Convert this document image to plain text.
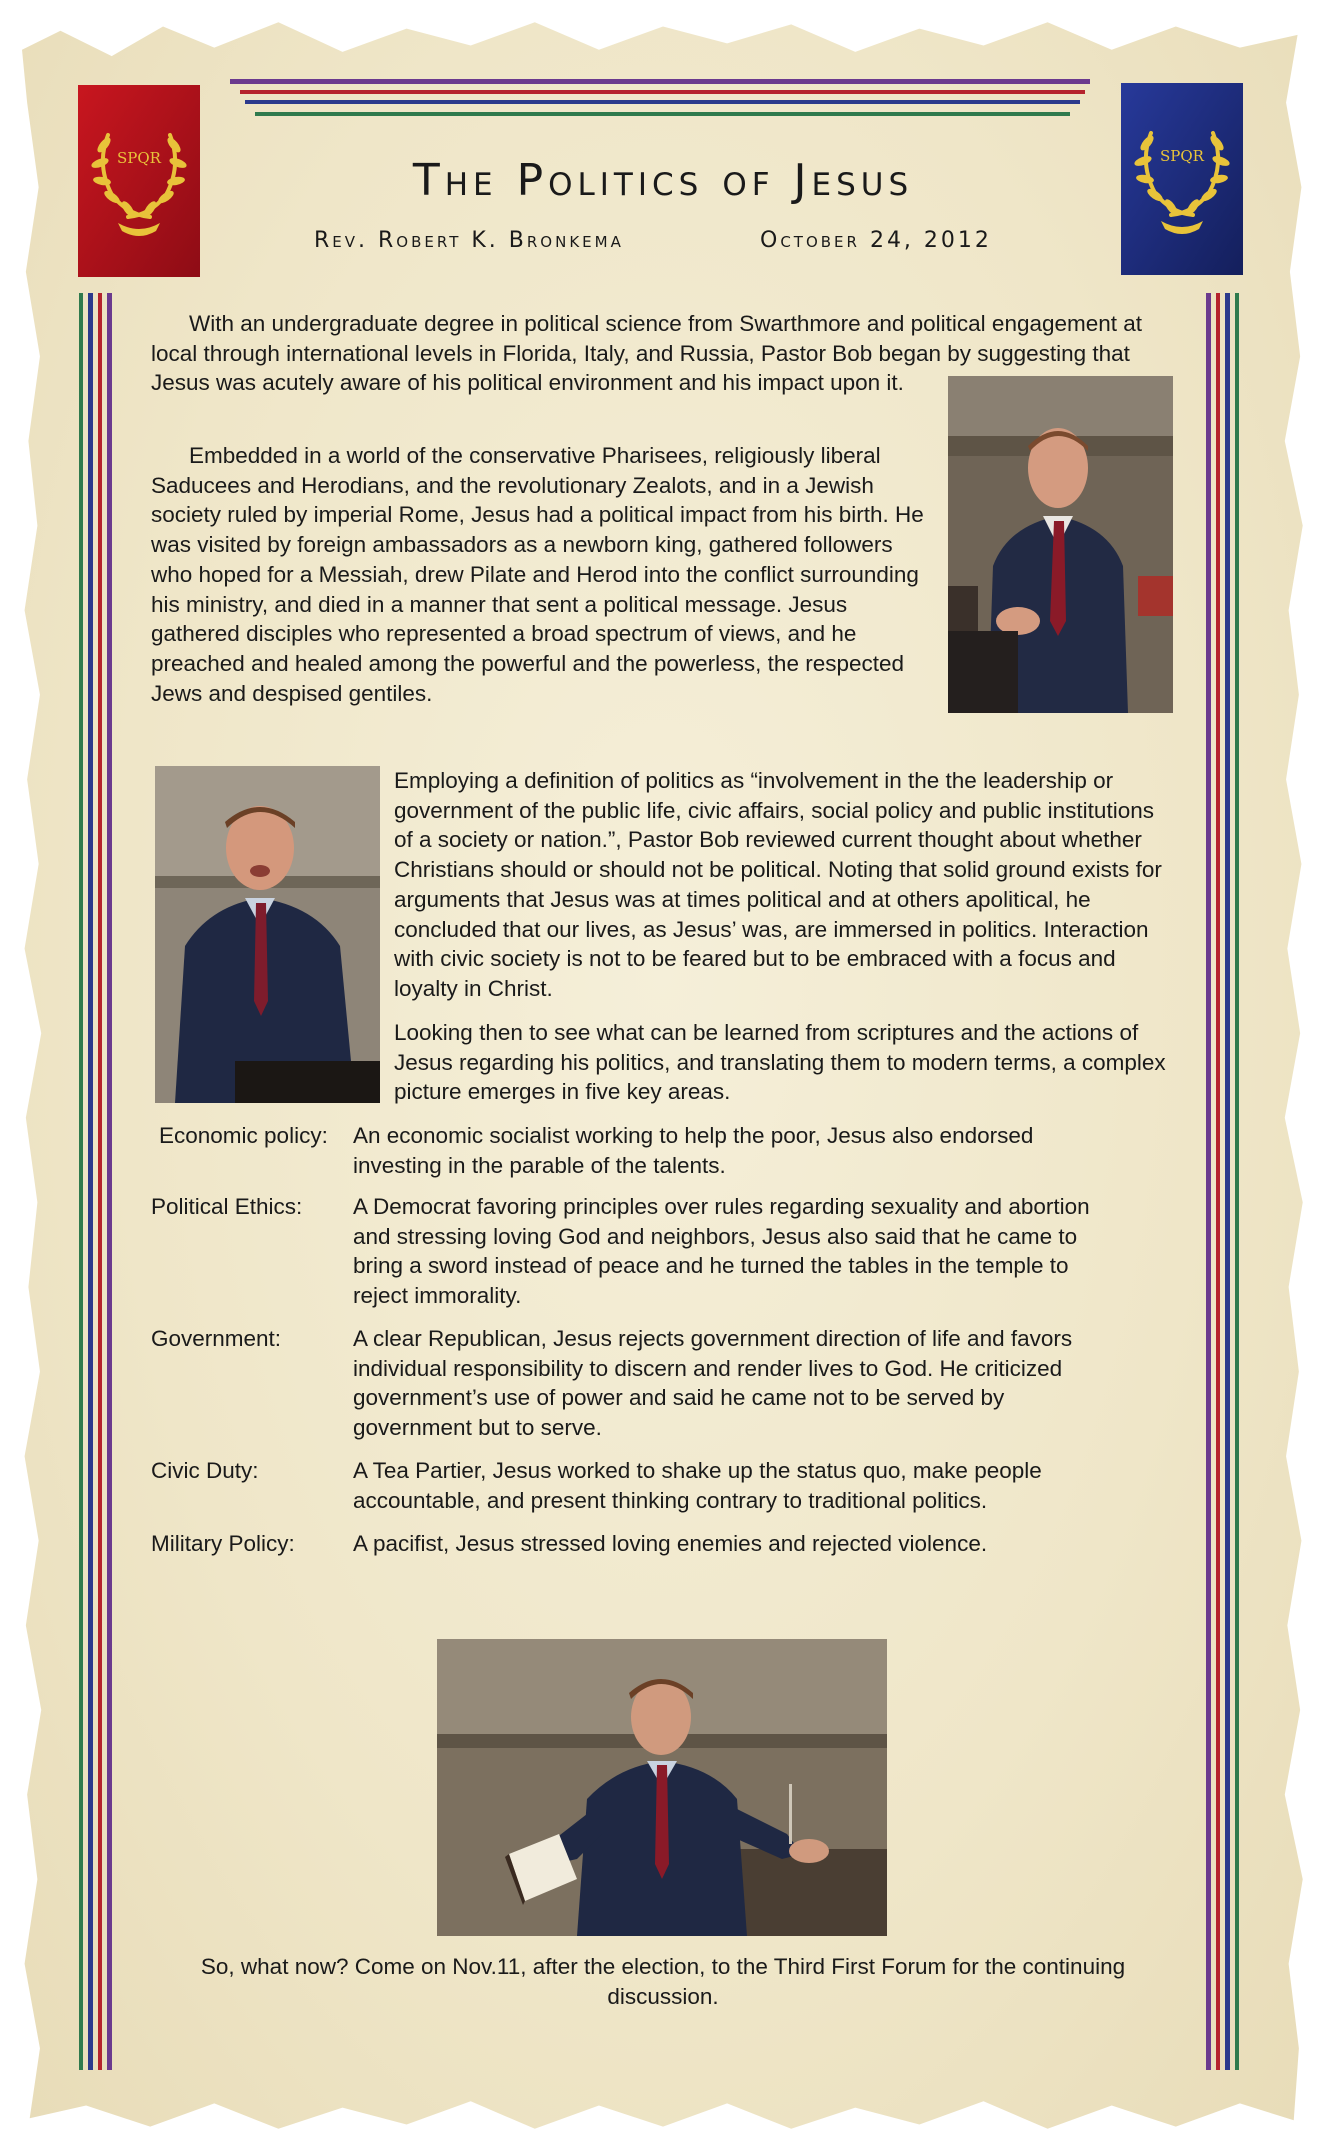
SPQR	SPQR
The Politics of Jesus
Rev. Robert K. Bronkema	October 24, 2012

With an undergraduate degree in political science from Swarthmore and political engagement at local through international levels in Florida, Italy, and Russia, Pastor Bob began by suggesting that Jesus was acutely aware of his political environment and his impact upon it.

Embedded in a world of the conservative Pharisees, religiously liberal Saducees and Herodians, and the revolutionary Zealots, and in a Jewish society ruled by imperial Rome, Jesus had a political impact from his birth. He was visited by foreign ambassadors as a newborn king, gathered followers who hoped for a Messiah, drew Pilate and Herod into the conflict surrounding his ministry, and died in a manner that sent a political message. Jesus gathered disciples who represented a broad spectrum of views, and he preached and healed among the powerful and the powerless, the respected Jews and despised gentiles.

Employing a definition of politics as “involvement in the the leadership or government of the public life, civic affairs, social policy and public institutions of a society or nation.”, Pastor Bob reviewed current thought about whether Christians should or should not be political. Noting that solid ground exists for arguments that Jesus was at times political and at others apolitical, he concluded that our lives, as Jesus’ was, are immersed in politics. Interaction with civic society is not to be feared but to be embraced with a focus and loyalty in Christ.

Looking then to see what can be learned from scriptures and the actions of Jesus regarding his politics, and translating them to modern terms, a complex picture emerges in five key areas.

Economic policy: An economic socialist working to help the poor, Jesus also endorsed investing in the parable of the talents.

Political Ethics: A Democrat favoring principles over rules regarding sexuality and abortion and stressing loving God and neighbors, Jesus also said that he came to bring a sword instead of peace and he turned the tables in the temple to reject immorality.

Government:	A clear Republican, Jesus rejects government direction of life and favors individual responsibility to discern and render lives to God. He criticized government’s use of power and said he came not to be served by government but to serve.

Civic Duty:	A Tea Partier, Jesus worked to shake up the status quo, make people accountable, and present thinking contrary to traditional politics.

Military Policy:	A pacifist, Jesus stressed loving enemies and rejected violence.

So, what now? Come on Nov.11, after the election, to the Third First Forum for the continuing discussion.
